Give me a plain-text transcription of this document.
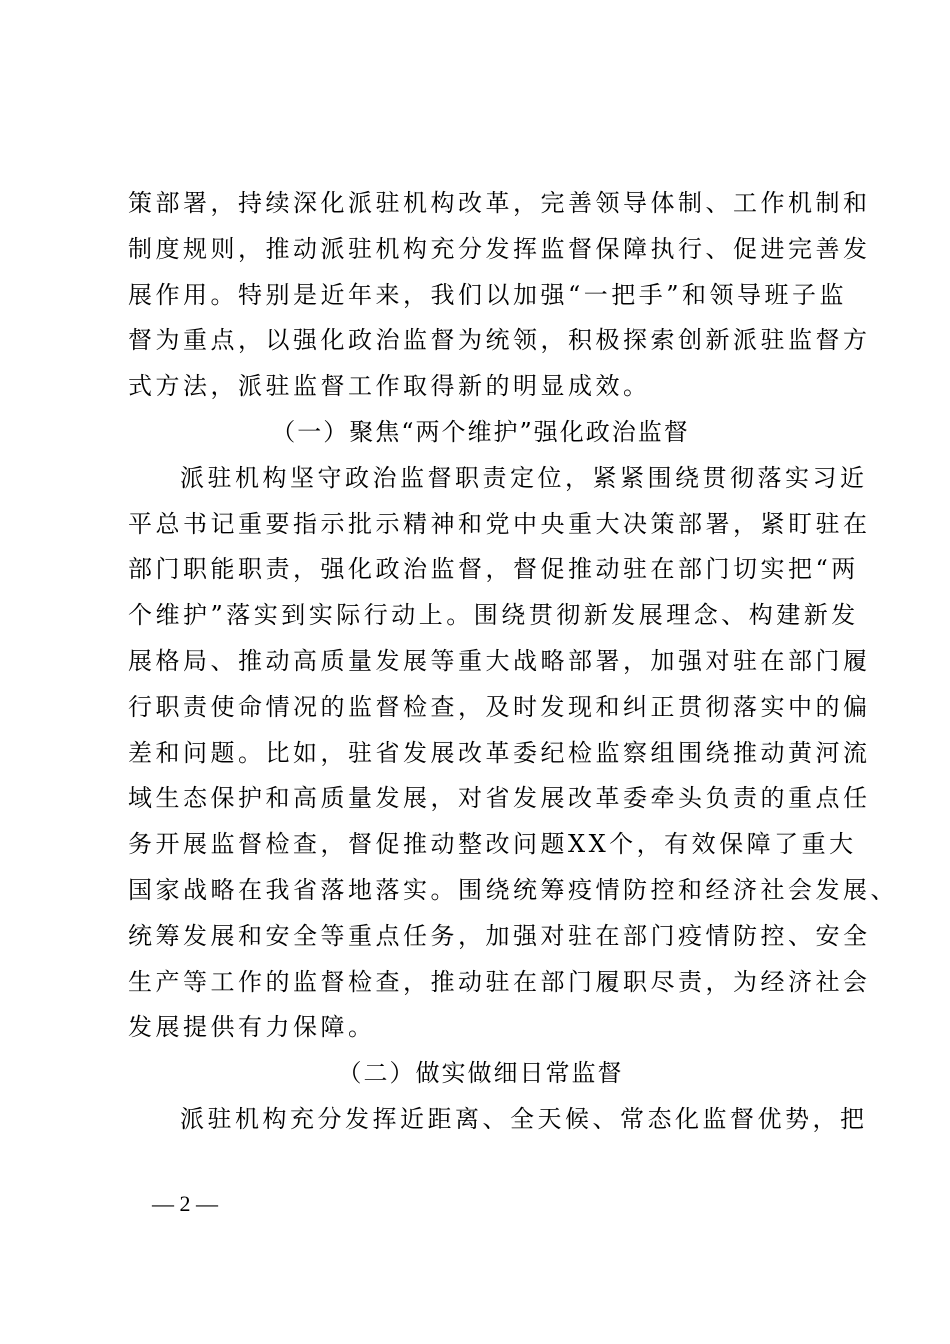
策部署，持续深化派驻机构改革，完善领导体制、工作机制和
制度规则，推动派驻机构充分发挥监督保障执行、促进完善发
展作用。特别是近年来，我们以加强“一把手”和领导班子监
督为重点，以强化政治监督为统领，积极探索创新派驻监督方
式方法，派驻监督工作取得新的明显成效。
（一）聚焦“两个维护”强化政治监督
派驻机构坚守政治监督职责定位，紧紧围绕贯彻落实习近
平总书记重要指示批示精神和党中央重大决策部署，紧盯驻在
部门职能职责，强化政治监督，督促推动驻在部门切实把“两
个维护”落实到实际行动上。围绕贯彻新发展理念、构建新发
展格局、推动高质量发展等重大战略部署，加强对驻在部门履
行职责使命情况的监督检查，及时发现和纠正贯彻落实中的偏
差和问题。比如，驻省发展改革委纪检监察组围绕推动黄河流
域生态保护和高质量发展，对省发展改革委牵头负责的重点任
务开展监督检查，督促推动整改问题XX个，有效保障了重大
国家战略在我省落地落实。围绕统筹疫情防控和经济社会发展、
统筹发展和安全等重点任务，加强对驻在部门疫情防控、安全
生产等工作的监督检查，推动驻在部门履职尽责，为经济社会
发展提供有力保障。
（二）做实做细日常监督
派驻机构充分发挥近距离、全天候、常态化监督优势，把
— 2 —
